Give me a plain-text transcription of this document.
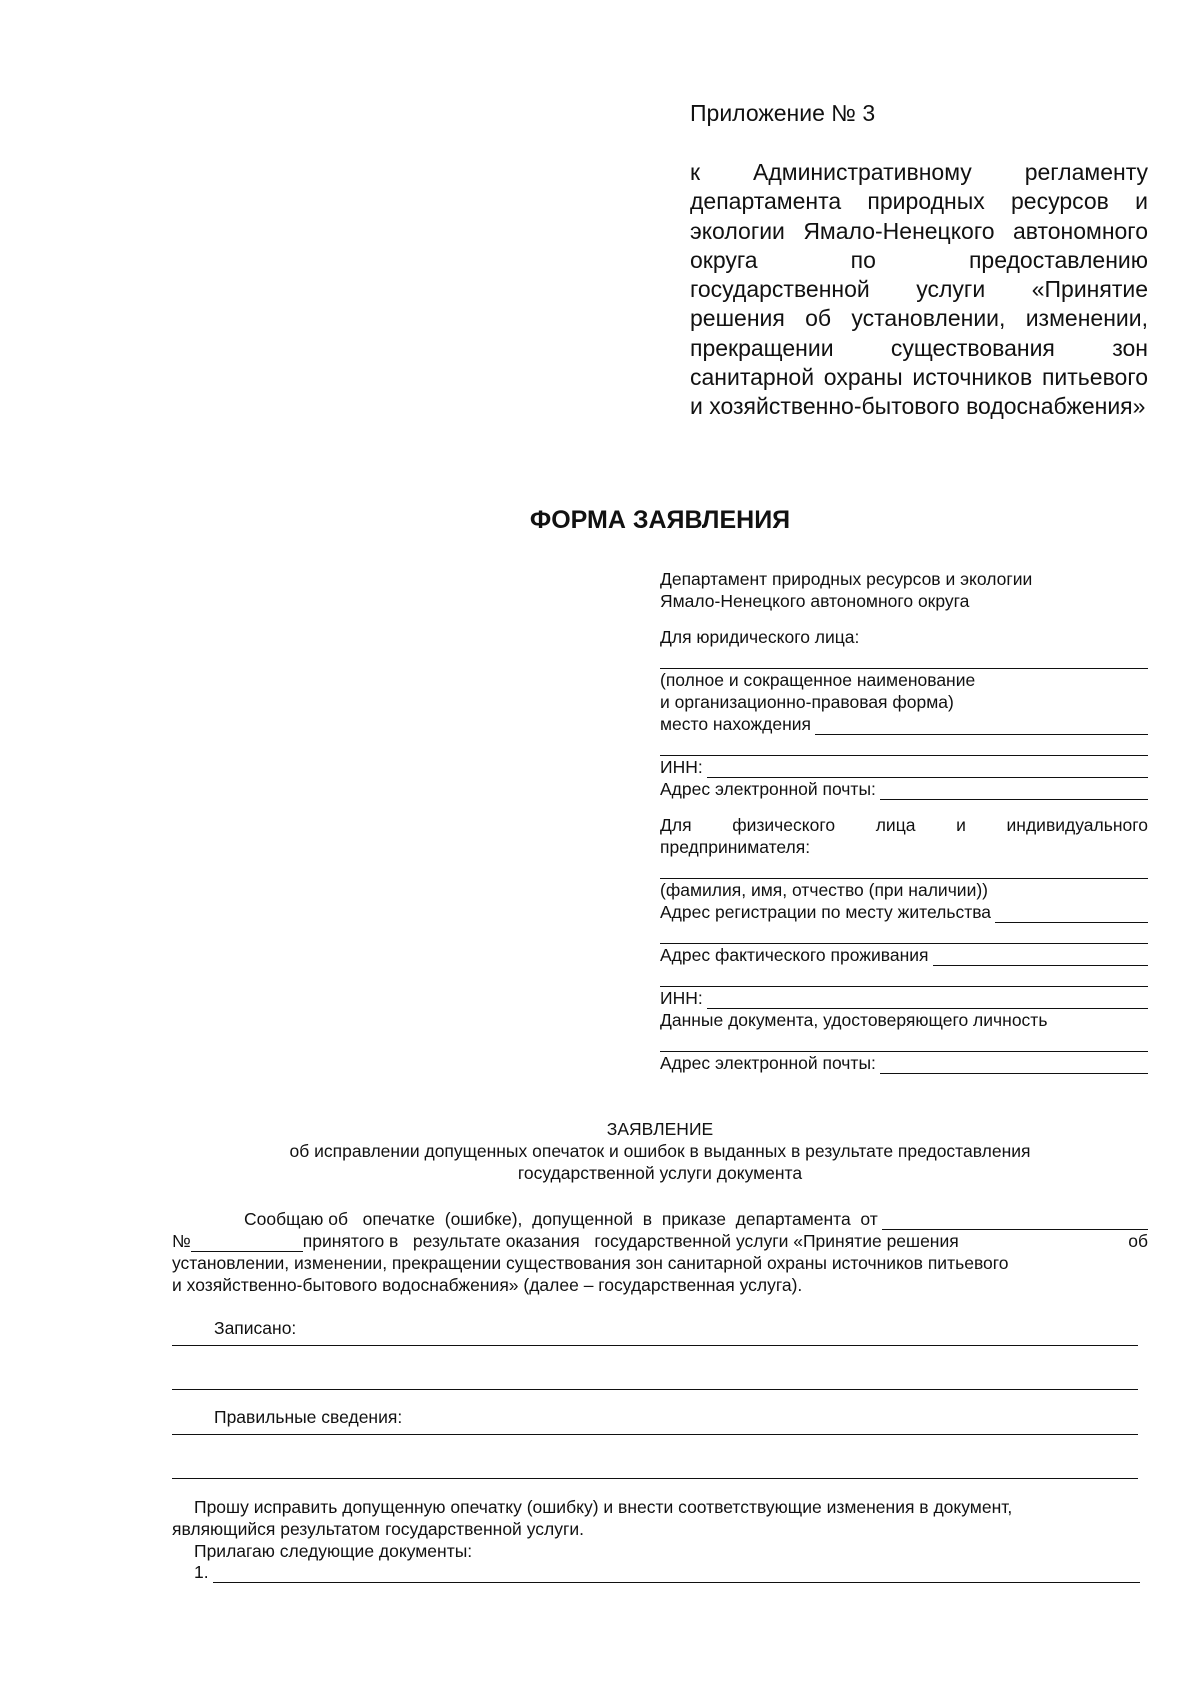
Приложение № 3
к Административному регламенту департамента природных ресурсов и экологии Ямало-Ненецкого автономного округа по предоставлению государственной услуги «Принятие решения об установлении, изменении, прекращении существования зон санитарной охраны источников питьевого и хозяйственно-бытового водоснабжения»
ФОРМА ЗАЯВЛЕНИЯ

Департамент природных ресурсов и экологии

Ямало-Ненецкого автономного округа

Для юридического лица:

(полное и сокращенное наименование

и организационно-правовая форма)

место нахождения
ИНН:
Адрес электронной почты:
Для физического лица и индивидуального

предпринимателя:

(фамилия, имя, отчество (при наличии))

Адрес регистрации по месту жительства
Адрес фактического проживания
ИНН:

Данные документа, удостоверяющего личность

Адрес электронной почты:
ЗАЯВЛЕНИЕ
об исправлении допущенных опечаток и ошибок в выданных в результате предоставления
государственной услуги документа
Сообщаю об   опечатке  (ошибке),  допущенной  в  приказе  департамента  от
№	принятого в   результате оказания   государственной услуги «Принятие решения	об

установлении, изменении, прекращении существования зон санитарной охраны источников питьевого

и хозяйственно-бытового водоснабжения» (далее – государственная услуга).

Записано:
Правильные сведения:

Прошу исправить допущенную опечатку (ошибку) и внести соответствующие изменения в документ,

являющийся результатом государственной услуги.

Прилагаю следующие документы:

1.
